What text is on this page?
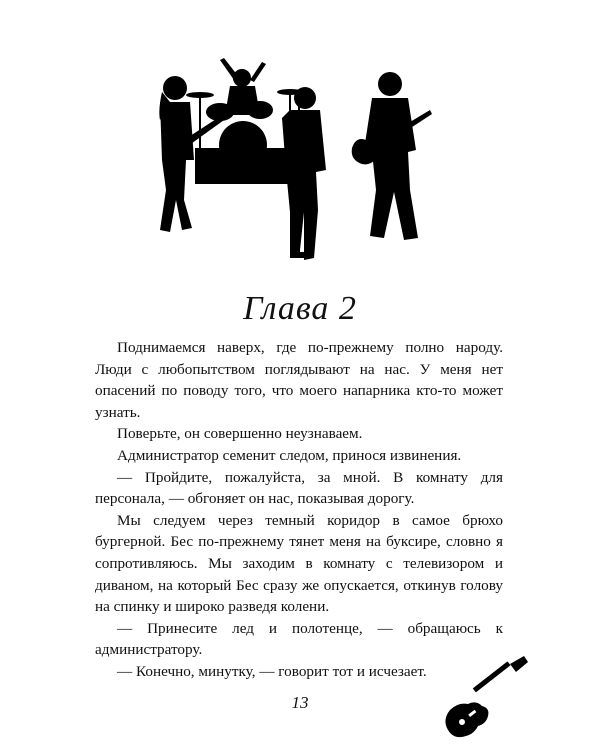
Глава 2

Поднимаемся наверх, где по-прежнему полно народу. Люди с любопытством поглядывают на нас. У меня нет опасений по поводу того, что моего напарника кто-то может узнать.

Поверьте, он совершенно неузнаваем.

Администратор семенит следом, принося извинения.

— Пройдите, пожалуйста, за мной. В комнату для персонала, — обгоняет он нас, показывая дорогу.

Мы следуем через темный коридор в самое брюхо бургерной. Бес по-прежнему тянет меня на буксире, словно я сопротивляюсь. Мы заходим в комнату с телевизором и диваном, на который Бес сразу же опускается, откинув голову на спинку и широко разведя колени.

— Принесите лед и полотенце, — обращаюсь к администратору.

— Конечно, минутку, — говорит тот и исчезает.

13
